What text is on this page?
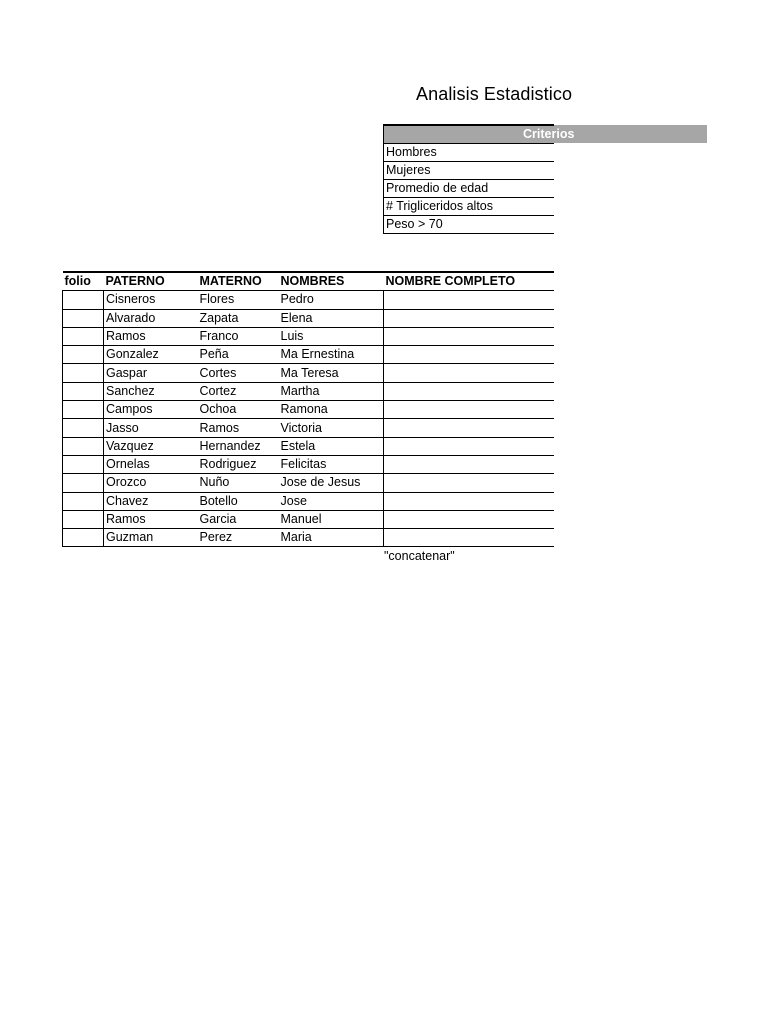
Analisis Estadistico
Criterios

Hombres
Mujeres
Promedio de edad
# Trigliceridos altos
Peso > 70
folio	PATERNO	MATERNO	NOMBRES	NOMBRE COMPLETO
	Cisneros	Flores	Pedro	
	Alvarado	Zapata	Elena	
	Ramos	Franco	Luis	
	Gonzalez	Peña	Ma Ernestina	
	Gaspar	Cortes	Ma Teresa	
	Sanchez	Cortez	Martha	
	Campos	Ochoa	Ramona	
	Jasso	Ramos	Victoria	
	Vazquez	Hernandez	Estela	
	Ornelas	Rodriguez	Felicitas	
	Orozco	Nuño	Jose de Jesus	
	Chavez	Botello	Jose	
	Ramos	Garcia	Manuel	
	Guzman	Perez	Maria	
"concatenar"
